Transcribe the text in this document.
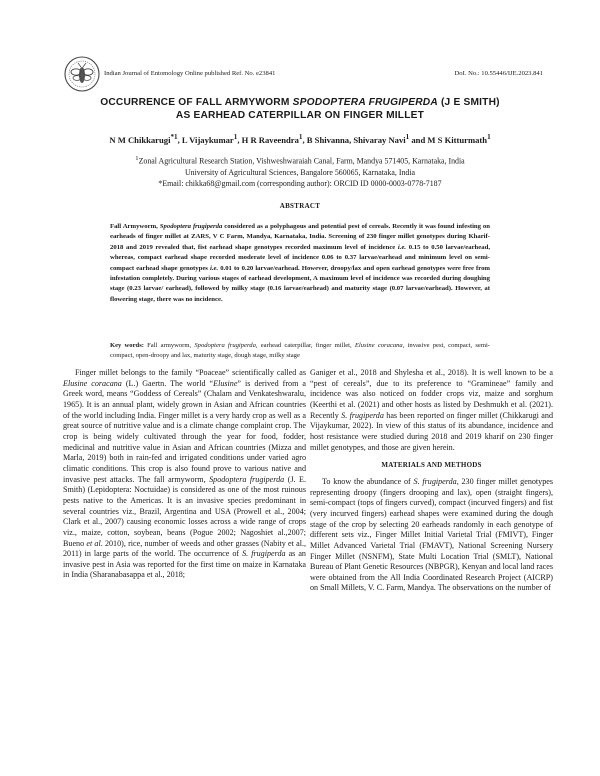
Indian Journal of Entomology Online published Ref. No. e23841	DoI. No.: 10.55446/IJE.2023.841
OCCURRENCE OF FALL ARMYWORM SPODOPTERA FRUGIPERDA (J E SMITH)
AS EARHEAD CATERPILLAR ON FINGER MILLET
N M Chikkarugi$^{*1}$, L Vijaykumar$^1$, H R Raveendra$^1$, B Shivanna, Shivaray Navi$^1$ and M S Kitturmath$^1$
$^1$Zonal Agricultural Research Station, Vishweshwaraiah Canal, Farm, Mandya 571405, Karnataka, India
University of Agricultural Sciences, Bangalore 560065, Karnataka, India
*Email: chikka68@gmail.com (corresponding author): ORCID ID 0000-0003-0778-7187
ABSTRACT
Fall Armyworm, Spodoptera frugiperda considered as a polyphagous and potential pest of cereals. Recently it was found infesting on earheads of finger millet at ZARS, V C Farm, Mandya, Karnataka, India. Screening of 230 finger millet genotypes during Kharif-2018 and 2019 revealed that, fist earhead shape genotypes recorded maximum level of incidence i.e. 0.15 to 0.50 larvae/earhead, whereas, compact earhead shape recorded moderate level of incidence 0.06 to 0.37 larvae/earhead and minimum level on semi-compact earhead shape genotypes i.e. 0.01 to 0.20 larvae/earhead. However, droopy/lax and open earhead genotypes were free from infestation completely. During various stages of earhead development, A maximum level of incidence was recorded during doughing stage (0.23 larvae/ earhead), followed by milky stage (0.16 larvae/earhead) and maturity stage (0.07 larvae/earhead). However, at flowering stage, there was no incidence.
Key words: Fall armyworm, Spodoptera frugiperda, earhead caterpillar, finger millet, Elusine coracana, invasive pest, compact, semi-compact, open-droopy and lax, maturity stage, dough stage, milky stage

Finger millet belongs to the family “Poaceae” scientifically called as Elusine coracana (L.) Gaertn. The world “Elusine” is derived from a Greek word, means “Goddess of Cereals” (Chalam and Venkateshwaralu, 1965). It is an annual plant, widely grown in Asian and African countries of the world including India. Finger millet is a very hardy crop as well as a great source of nutritive value and is a climate change complaint crop. The crop is being widely cultivated through the year for food, fodder, medicinal and nutritive value in Asian and African countries (Mizza and Marla, 2019) both in rain-fed and irrigated conditions under varied agro climatic conditions. This crop is also found prove to various native and invasive pest attacks. The fall armyworm, Spodoptera frugiperda (J. E. Smith) (Lepidoptera: Noctuidae) is considered as one of the most ruinous pests native to the Americas. It is an invasive species predominant in several countries viz., Brazil, Argentina and USA (Prowell et al., 2004; Clark et al., 2007) causing economic losses across a wide range of crops viz., maize, cotton, soybean, beans (Pogue 2002; Nagoshiet al.,2007; Bueno et al. 2010), rice, number of weeds and other grasses (Nabity et al., 2011) in large parts of the world. The occurrence of S. frugiperda as an invasive pest in Asia was reported for the first time on maize in Karnataka in India (Sharanabasappa et al., 2018;

Ganiger et al., 2018 and Shylesha et al., 2018). It is well known to be a “pest of cereals”, due to its preference to “Gramineae” family and incidence was also noticed on fodder crops viz, maize and sorghum (Keerthi et al. (2021) and other hosts as listed by Deshmukh et al. (2021). Recently S. frugiperda has been reported on finger millet (Chikkarugi and Vijaykumar, 2022). In view of this status of its abundance, incidence and host resistance were studied during 2018 and 2019 kharif on 230 finger millet genotypes, and those are given herein.

MATERIALS AND METHODS

To know the abundance of S. frugiperda, 230 finger millet genotypes representing droopy (fingers drooping and lax), open (straight fingers), semi-compact (tops of fingers curved), compact (incurved fingers) and fist (very incurved fingers) earhead shapes were examined during the dough stage of the crop by selecting 20 earheads randomly in each genotype of different sets viz., Finger Millet Initial Varietal Trial (FMIVT), Finger Millet Advanced Varietal Trial (FMAVT), National Screening Nursery Finger Millet (NSNFM), State Multi Location Trial (SMLT), National Bureau of Plant Genetic Resources (NBPGR), Kenyan and local land races were obtained from the All India Coordinated Research Project (AICRP) on Small Millets, V. C. Farm, Mandya. The observations on the number of
